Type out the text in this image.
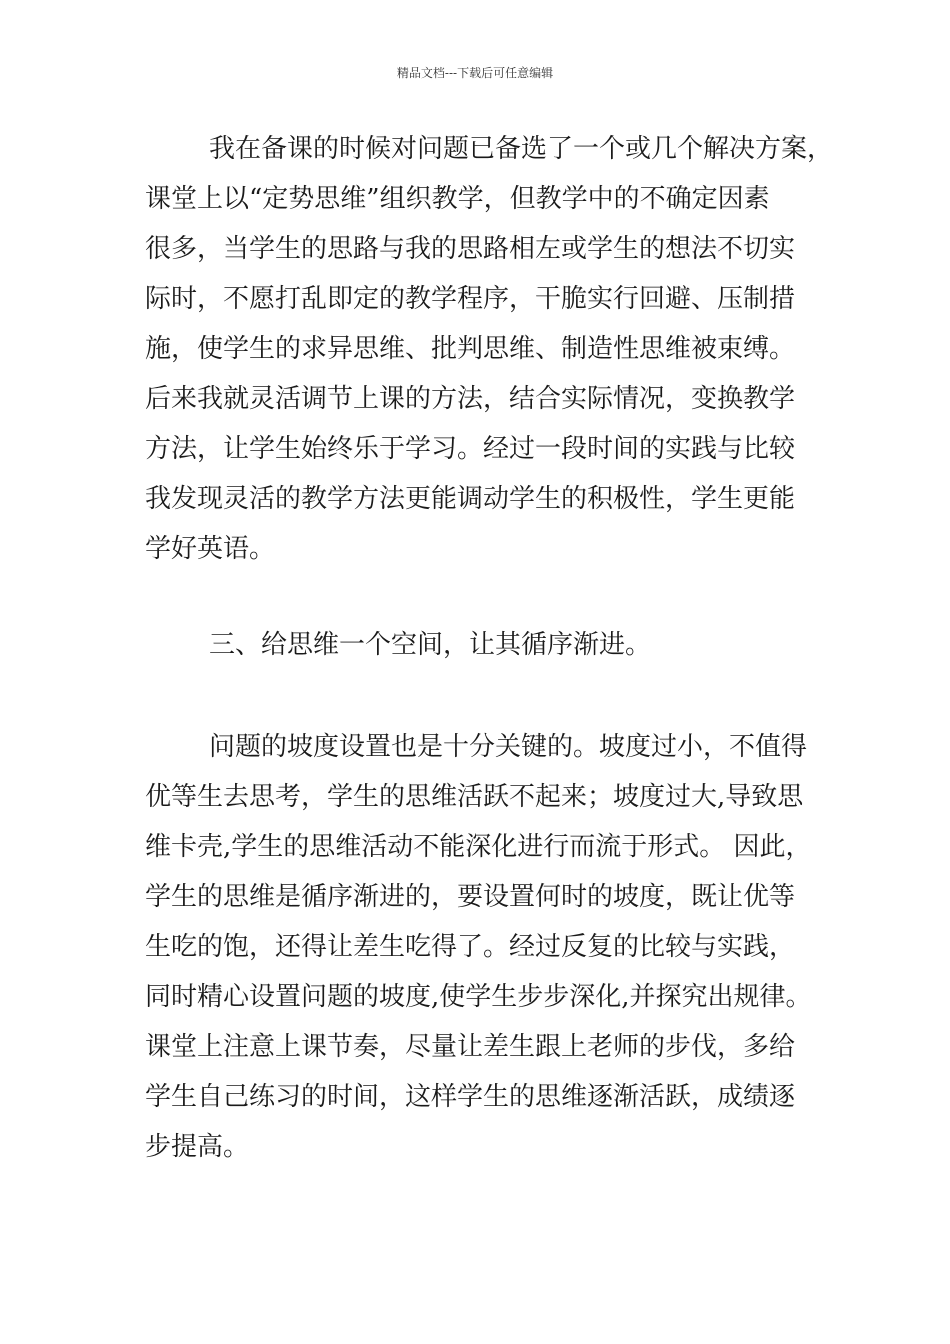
精品文档---下载后可任意编辑
我在备课的时候对问题已备选了一个或几个解决方案，
课堂上以“定势思维”组织教学，但教学中的不确定因素
很多，当学生的思路与我的思路相左或学生的想法不切实
际时，不愿打乱即定的教学程序，干脆实行回避、压制措
施，使学生的求异思维、批判思维、制造性思维被束缚。
后来我就灵活调节上课的方法，结合实际情况，变换教学
方法，让学生始终乐于学习。经过一段时间的实践与比较
我发现灵活的教学方法更能调动学生的积极性，学生更能
学好英语。
三、给思维一个空间，让其循序渐进。
问题的坡度设置也是十分关键的。坡度过小，不值得
优等生去思考，学生的思维活跃不起来；坡度过大,导致思
维卡壳,学生的思维活动不能深化进行而流于形式。 因此，
学生的思维是循序渐进的，要设置何时的坡度，既让优等
生吃的饱，还得让差生吃得了。经过反复的比较与实践，
同时精心设置问题的坡度,使学生步步深化,并探究出规律。
课堂上注意上课节奏，尽量让差生跟上老师的步伐，多给
学生自己练习的时间，这样学生的思维逐渐活跃，成绩逐
步提高。
